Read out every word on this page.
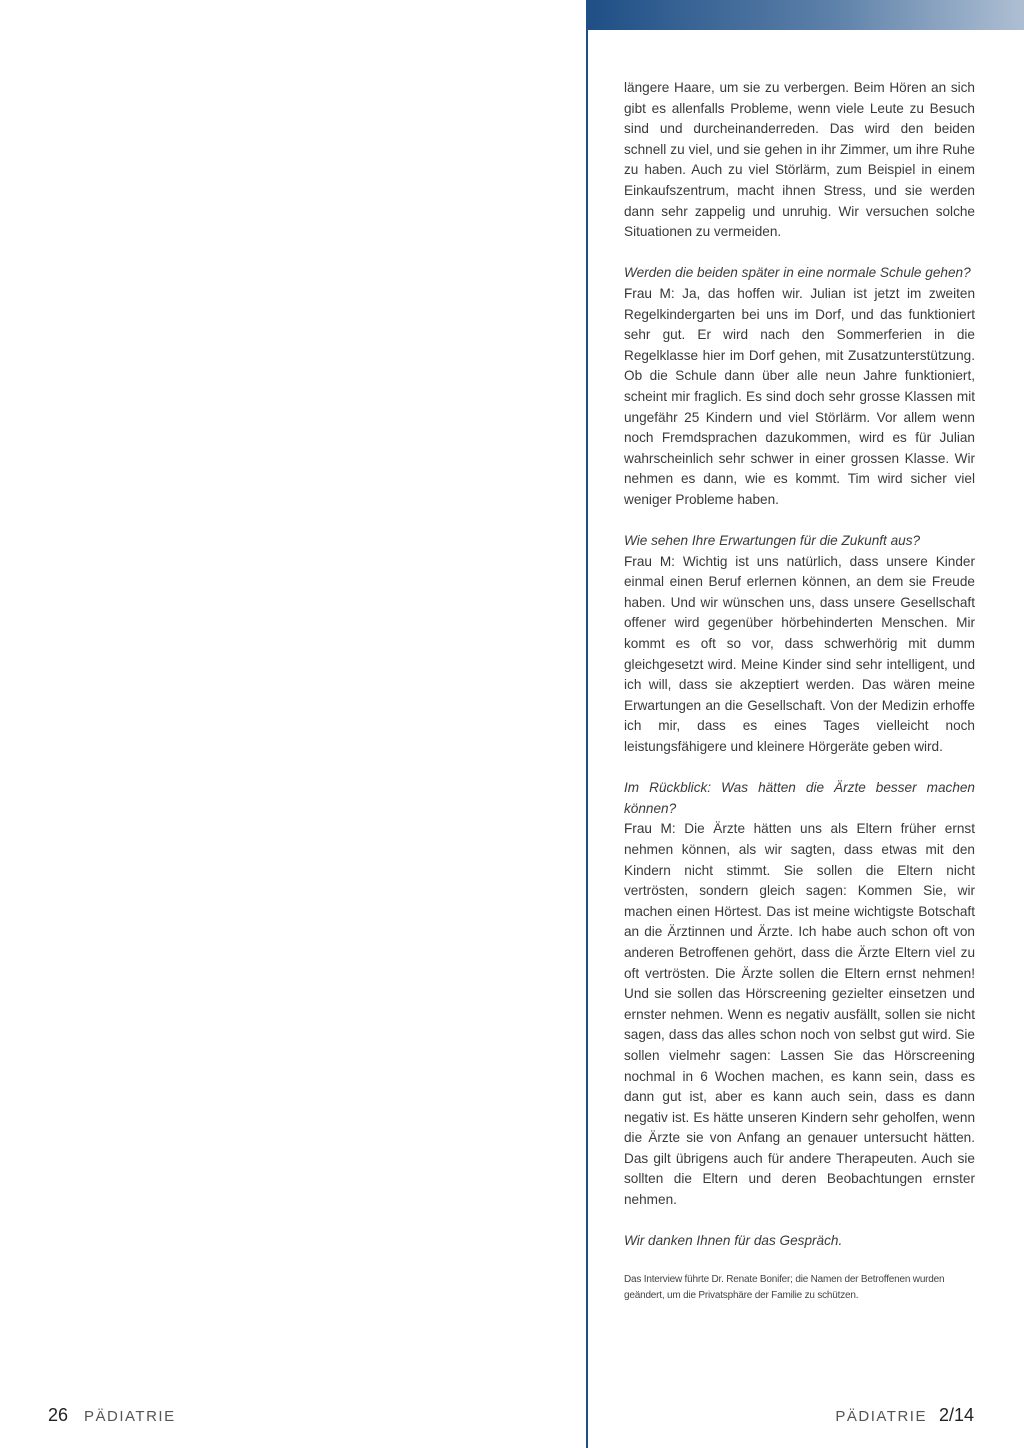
längere Haare, um sie zu verbergen. Beim Hören an sich gibt es allenfalls Probleme, wenn viele Leute zu Besuch sind und durcheinanderreden. Das wird den beiden schnell zu viel, und sie gehen in ihr Zimmer, um ihre Ruhe zu haben. Auch zu viel Störlärm, zum Beispiel in einem Einkaufszentrum, macht ihnen Stress, und sie werden dann sehr zappelig und unruhig. Wir versuchen solche Situationen zu vermeiden.

Werden die beiden später in eine normale Schule gehen?
Frau M: Ja, das hoffen wir. Julian ist jetzt im zweiten Regelkindergarten bei uns im Dorf, und das funktioniert sehr gut. Er wird nach den Sommerferien in die Regelklasse hier im Dorf gehen, mit Zusatzunterstützung. Ob die Schule dann über alle neun Jahre funktioniert, scheint mir fraglich. Es sind doch sehr grosse Klassen mit ungefähr 25 Kindern und viel Störlärm. Vor allem wenn noch Fremdsprachen dazukommen, wird es für Julian wahrscheinlich sehr schwer in einer grossen Klasse. Wir nehmen es dann, wie es kommt. Tim wird sicher viel weniger Probleme haben.

Wie sehen Ihre Erwartungen für die Zukunft aus?
Frau M: Wichtig ist uns natürlich, dass unsere Kinder einmal einen Beruf erlernen können, an dem sie Freude haben. Und wir wünschen uns, dass unsere Gesellschaft offener wird gegenüber hörbehinderten Menschen. Mir kommt es oft so vor, dass schwerhörig mit dumm gleichgesetzt wird. Meine Kinder sind sehr intelligent, und ich will, dass sie akzeptiert werden. Das wären meine Erwartungen an die Gesellschaft. Von der Medizin erhoffe ich mir, dass es eines Tages vielleicht noch leistungsfähigere und kleinere Hörgeräte geben wird.

Im Rückblick: Was hätten die Ärzte besser machen können?
Frau M: Die Ärzte hätten uns als Eltern früher ernst nehmen können, als wir sagten, dass etwas mit den Kindern nicht stimmt. Sie sollen die Eltern nicht vertrösten, sondern gleich sagen: Kommen Sie, wir machen einen Hörtest. Das ist meine wichtigste Botschaft an die Ärztinnen und Ärzte. Ich habe auch schon oft von anderen Betroffenen gehört, dass die Ärzte Eltern viel zu oft vertrösten. Die Ärzte sollen die Eltern ernst nehmen! Und sie sollen das Hörscreening gezielter einsetzen und ernster nehmen. Wenn es negativ ausfällt, sollen sie nicht sagen, dass das alles schon noch von selbst gut wird. Sie sollen vielmehr sagen: Lassen Sie das Hörscreening nochmal in 6 Wochen machen, es kann sein, dass es dann gut ist, aber es kann auch sein, dass es dann negativ ist. Es hätte unseren Kindern sehr geholfen, wenn die Ärzte sie von Anfang an genauer untersucht hätten. Das gilt übrigens auch für andere Therapeuten. Auch sie sollten die Eltern und deren Beobachtungen ernster nehmen.

Wir danken Ihnen für das Gespräch.

Das Interview führte Dr. Renate Bonifer; die Namen der Betroffenen wurden geändert, um die Privatsphäre der Familie zu schützen.
26 PÄDIATRIE	PÄDIATRIE 2/14
